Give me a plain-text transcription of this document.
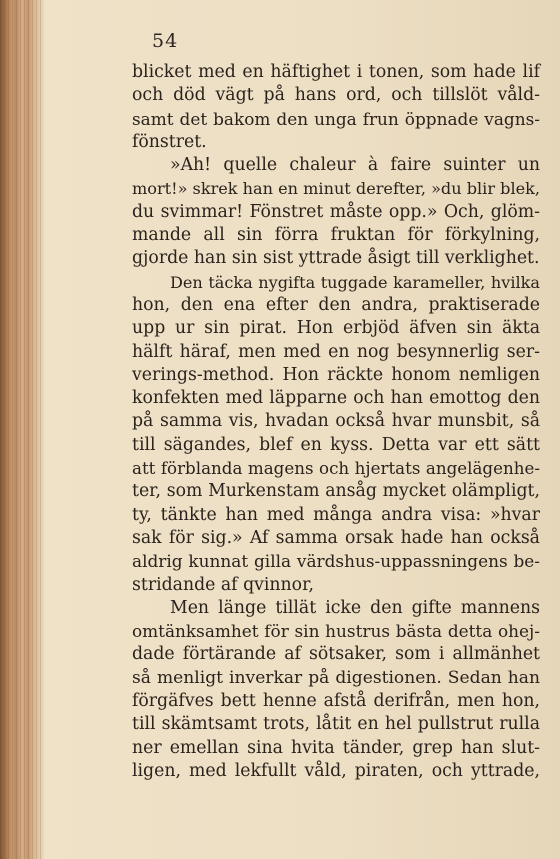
54
blicket med en häftighet i tonen, som hade lif
och död vägt på hans ord, och tillslöt våld-
samt det bakom den unga frun öppnade vagns-
fönstret.
»Ah! quelle chaleur à faire suinter un
mort!» skrek han en minut derefter, »du blir blek,
du svimmar! Fönstret måste opp.» Och, glöm-
mande all sin förra fruktan för förkylning,
gjorde han sin sist yttrade åsigt till verklighet.
Den täcka nygifta tuggade karameller, hvilka
hon, den ena efter den andra, praktiserade
upp ur sin pirat. Hon erbjöd äfven sin äkta
hälft häraf, men med en nog besynnerlig ser-
verings-method. Hon räckte honom nemligen
konfekten med läpparne och han emottog den
på samma vis, hvadan också hvar munsbit, så
till sägandes, blef en kyss. Detta var ett sätt
att förblanda magens och hjertats angelägenhe-
ter, som Murkenstam ansåg mycket olämpligt,
ty, tänkte han med många andra visa: »hvar
sak för sig.» Af samma orsak hade han också
aldrig kunnat gilla värdshus-uppassningens be-
stridande af qvinnor,
Men länge tillät icke den gifte mannens
omtänksamhet för sin hustrus bästa detta ohej-
dade förtärande af sötsaker, som i allmänhet
så menligt inverkar på digestionen. Sedan han
förgäfves bett henne afstå derifrån, men hon,
till skämtsamt trots, låtit en hel pullstrut rulla
ner emellan sina hvita tänder, grep han slut-
ligen, med lekfullt våld, piraten, och yttrade,
